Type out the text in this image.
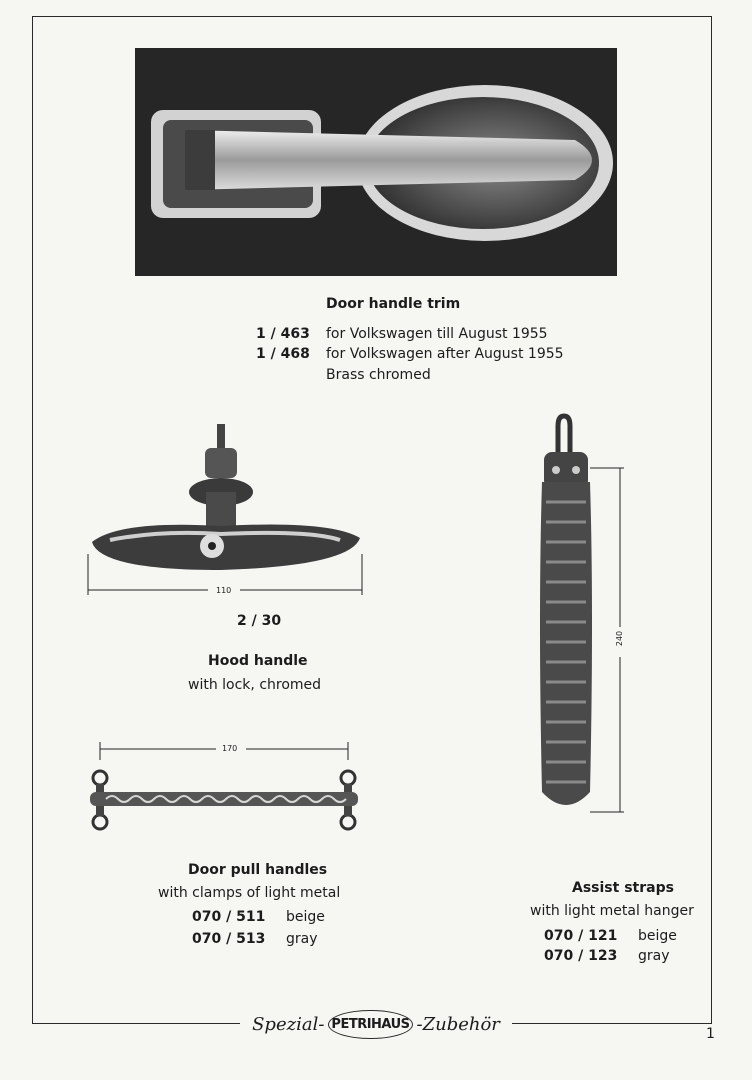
Door handle trim
1 / 463 for Volkswagen till August 1955
1 / 468 for Volkswagen after August 1955
Brass chromed
110
2 / 30
Hood handle
with lock, chromed
170
Door pull handles
with clamps of light metal
070 / 511 beige
070 / 513 gray
240
Assist straps
with light metal hanger
070 / 121 beige
070 / 123 gray
Spezial- PETRIHAUS -Zubehör	1
